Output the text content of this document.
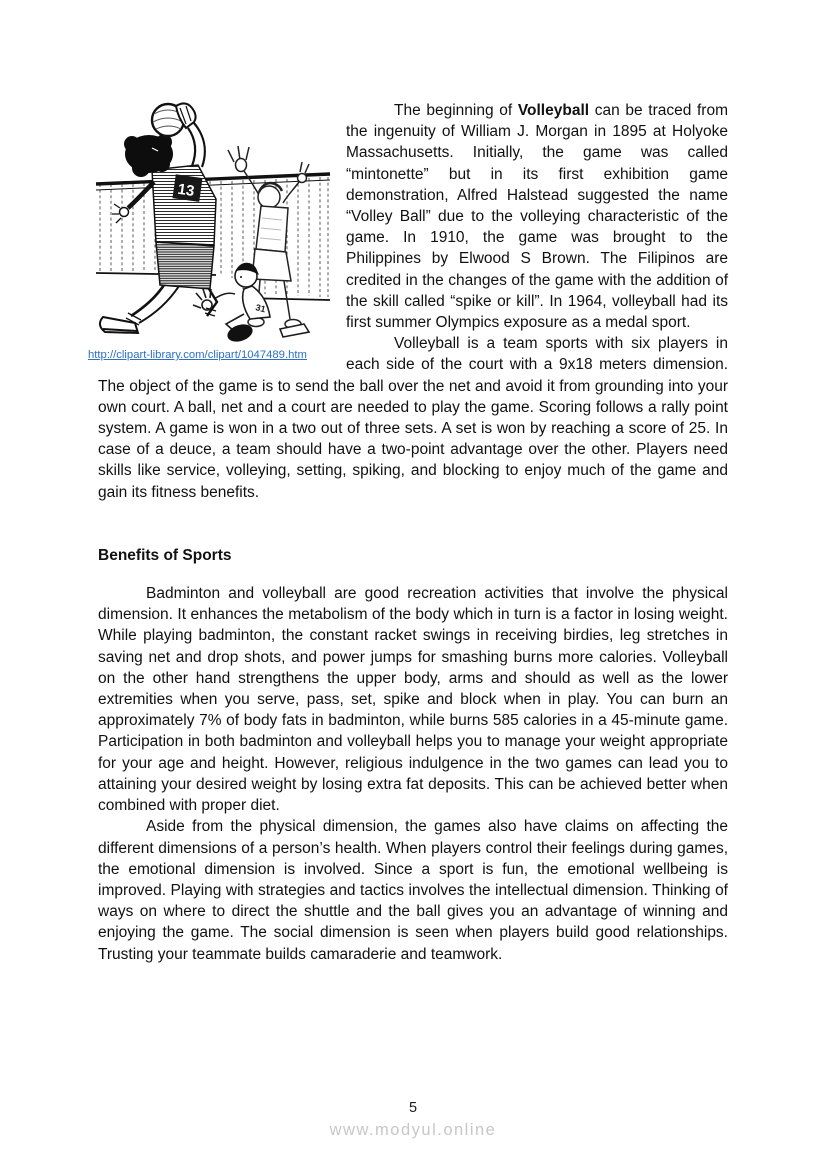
31
13
http://clipart-library.com/clipart/1047489.htm

The beginning of Volleyball can be traced from the ingenuity of William J. Morgan in 1895 at Holyoke Massachusetts. Initially, the game was called “mintonette” but in its first exhibition game demonstration, Alfred Halstead suggested the name “Volley Ball” due to the volleying characteristic of the game. In 1910, the game was brought to the Philippines by Elwood S Brown. The Filipinos are credited in the changes of the game with the addition of the skill called “spike or kill”. In 1964, volleyball had its first summer Olympics exposure as a medal sport.

Volleyball is a team sports with six players in each side of the court with a 9x18 meters dimension. The object of the game is to send the ball over the net and avoid it from grounding into your own court. A ball, net and a court are needed to play the game. Scoring follows a rally point system. A game is won in a two out of three sets. A set is won by reaching a score of 25. In case of a deuce, a team should have a two-point advantage over the other. Players need skills like service, volleying, setting, spiking, and blocking to enjoy much of the game and gain its fitness benefits.

Benefits of Sports

Badminton and volleyball are good recreation activities that involve the physical dimension. It enhances the metabolism of the body which in turn is a factor in losing weight. While playing badminton, the constant racket swings in receiving birdies, leg stretches in saving net and drop shots, and power jumps for smashing burns more calories. Volleyball on the other hand strengthens the upper body, arms and should as well as the lower extremities when you serve, pass, set, spike and block when in play. You can burn an approximately 7% of body fats in badminton, while burns 585 calories in a 45-minute game. Participation in both badminton and volleyball helps you to manage your weight appropriate for your age and height. However, religious indulgence in the two games can lead you to attaining your desired weight by losing extra fat deposits. This can be achieved better when combined with proper diet.

Aside from the physical dimension, the games also have claims on affecting the different dimensions of a person’s health. When players control their feelings during games, the emotional dimension is involved. Since a sport is fun, the emotional wellbeing is improved. Playing with strategies and tactics involves the intellectual dimension. Thinking of ways on where to direct the shuttle and the ball gives you an advantage of winning and enjoying the game. The social dimension is seen when players build good relationships. Trusting your teammate builds camaraderie and teamwork.

5
www.modyul.online
